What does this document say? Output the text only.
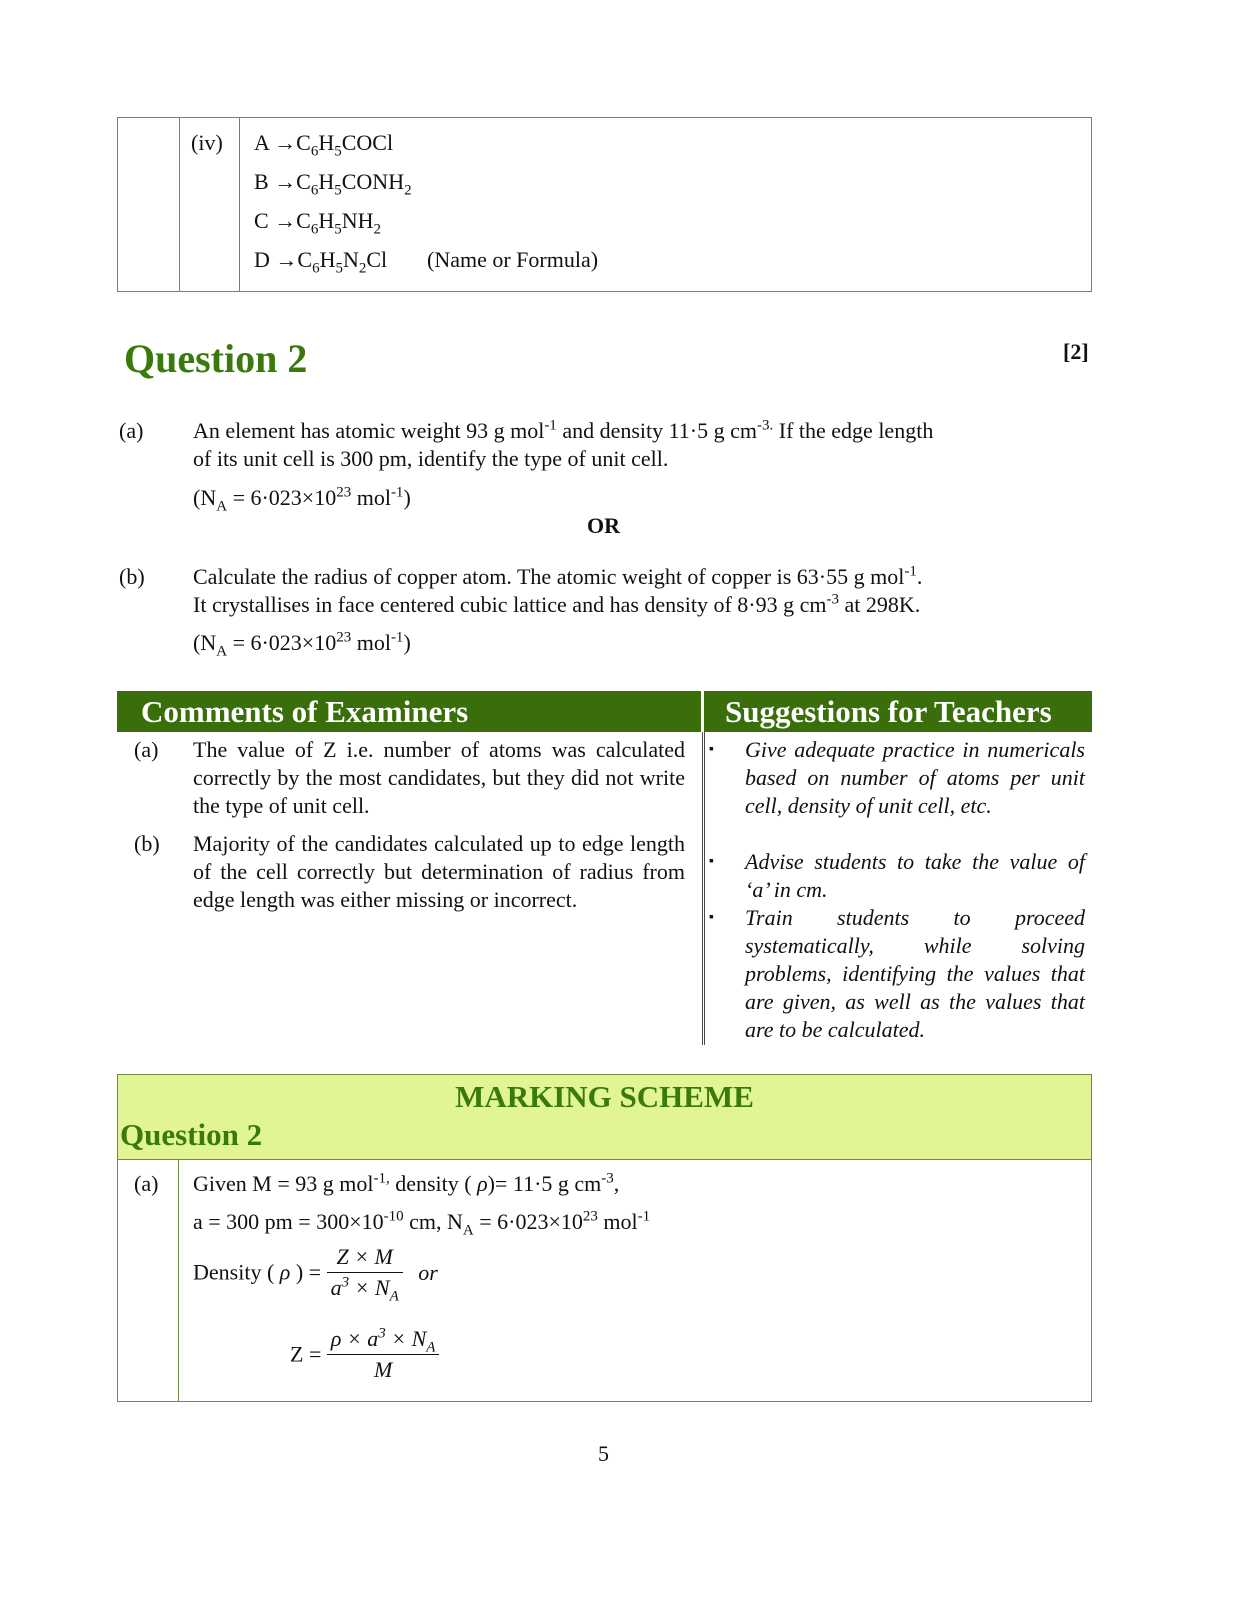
(iv) $A \to C_6H_5COCl$
$B \to C_6H_5CONH_2$
$C \to C_6H_5NH_2$
$D \to C_6H_5N_2Cl$ (Name or Formula)
Question 2	[2]
(a) An element has atomic weight 93 g mol$^{-1}$ and density 11·5 g $cm^{-3.}$ If the edge length
of its unit cell is 300 pm, identify the type of unit cell.
($N_A = 6\cdot 023\times 10^{23}$ mol$^{-1}$)
OR
(b) Calculate the radius of copper atom. The atomic weight of copper is 63·55 g mol$^{-1}$.
It crystallises in face centered cubic lattice and has density of 8·93 g $cm^{-3}$ at 298K.
($N_A = 6\cdot 023\times 10^{23}$ mol$^{-1}$)
Comments of Examiners	Suggestions for Teachers
(a) The value of Z i.e. number of atoms was calculated correctly by the most candidates, but they did not write the type of unit cell.
(b) Majority of the candidates calculated up to edge length of the cell correctly but determination of radius from edge length was either missing or incorrect.
▪ Give adequate practice in numericals based on number of atoms per unit cell, density of unit cell, etc.
▪ Advise students to take the value of ‘a’ in cm.
▪ Train students to proceed systematically, while solving problems, identifying the values that are given, as well as the values that are to be calculated.
MARKING SCHEME
Question 2
(a) Given M = 93 g mol$^{-1,}$ density ( ρ)= 11·5 g $cm^{-3}$,
a = 300 pm = $300\times 10^{-10}$ cm, $N_A = 6\cdot 023\times 10^{23}$ mol$^{-1}$
Density ( ρ ) = $\frac{Z \times M}{a^3 \times N_A}$ or
$Z = \frac{\rho \times a^3 \times N_A}{M}$
5
